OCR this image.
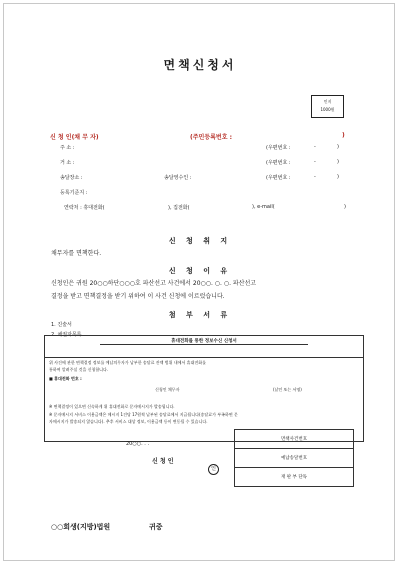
면책신청서
인지
1000원
신 청 인(채 무 자)	(주민등록번호 :	)
주 소 :	(우편번호 :	-	)
거 소 :	(우편번호 :	-	)
송달장소 :	송달영수인 :	(우편번호 :	-	)
등록기준지 :
연락처 : 휴대전화(	), 집전화(	), e-mail(	)
신 청 취 지
채무자를 면책한다.
신 청 이 유
신청인은 귀원 20○○하단○○○호 파산선고 사건에서 20○○. ○. ○. 파산선고
결정을 받고 면책결정을 받기 위하여 이 사건 신청에 이르렀습니다.
첨 부 서 류
1. 진술서
2. 채권자목록
휴대전화를 통한 정보수신 신청서
위 사건에 관한 면책결정 정보를 예납의무자가 납부한 송달료 잔액 범위 내에서 휴대전화를
통하여 알려주실 것을 신청합니다.
■ 휴대전화 번호 :
신청인 채무자	(날인 또는 서명)
※ 면책결정이 있으면 신속하게 위 휴대전화로 문자메시지가 발송됩니다.
※ 문자메시지 서비스 이용금액은 메시지 1건당 17원씩 납부된 송달료에서 지급됩니다(송달료가 부족하면 문
자메시지가 발송되지 않습니다). 추후 서비스 대상 정보, 이용금액 등이 변동될 수 있습니다.
20○○. . .
신 청 인
인
면책사건번호
예납송달번호
재 판 부 단독
○○회생(지방)법원	귀중
